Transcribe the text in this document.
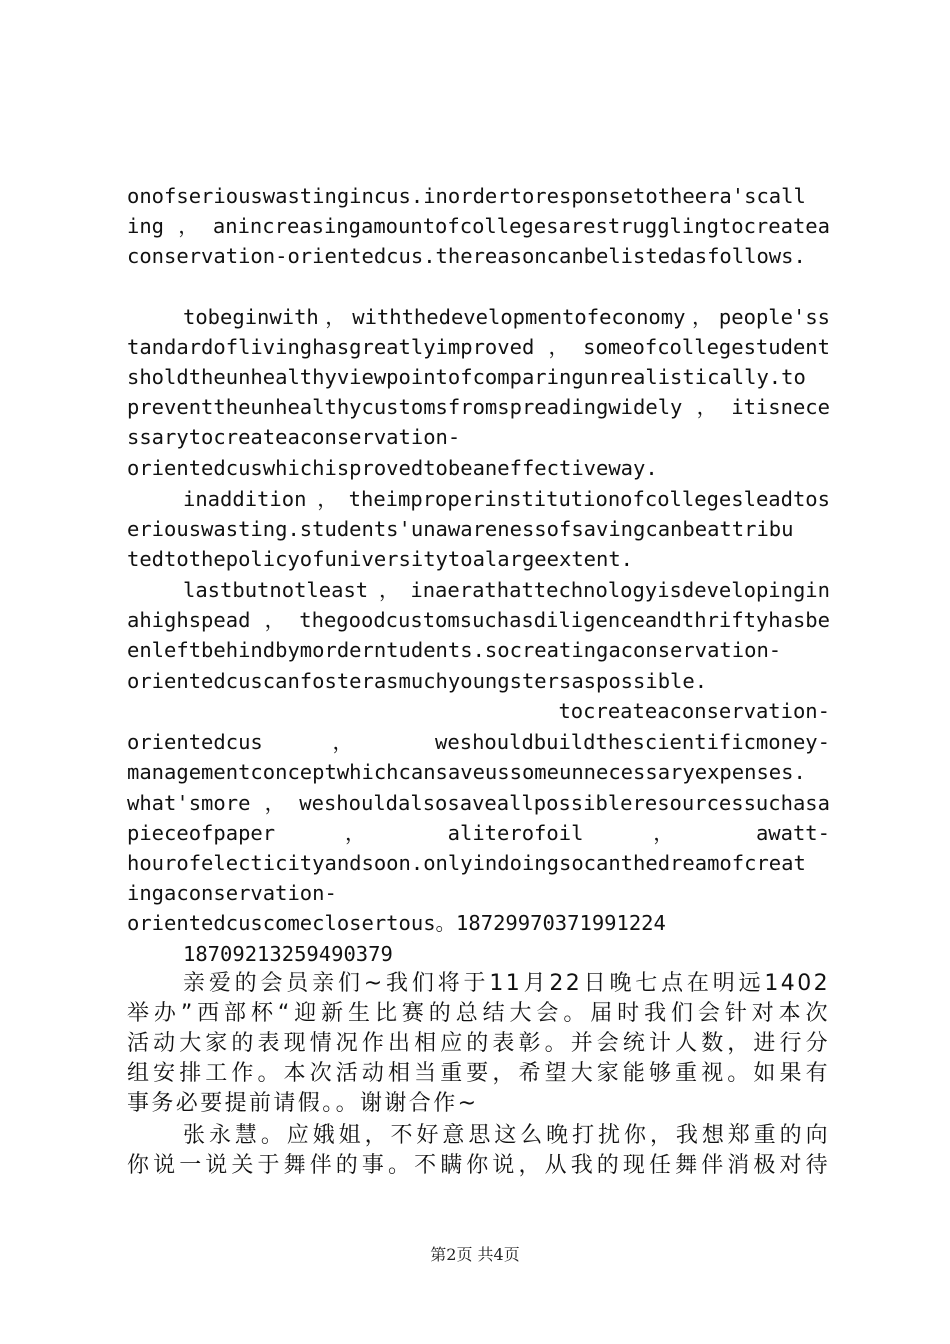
onofseriouswastingincus.inordertoresponsetotheera'scall
ing，anincreasingamountofcollegesarestrugglingtocreatea
conservation-orientedcus.thereasoncanbelistedasfollows.
tobeginwith，withthedevelopmentofeconomy，people'ss
tandardoflivinghasgreatlyimproved，someofcollegestudent
sholdtheunhealthyviewpointofcomparingunrealistically.to
preventtheunhealthycustomsfromspreadingwidely，itisnece
ssarytocreateaconservation-
orientedcuswhichisprovedtobeaneffectiveway.
inaddition，theimproperinstitutionofcollegesleadtos
eriouswasting.students'unawarenessofsavingcanbeattribu
tedtothepolicyofuniversitytoalargeextent.
lastbutnotleast，inaerathattechnologyisdevelopingin
ahighspead，thegoodcustomsuchasdiligenceandthriftyhasbe
enleftbehindbymorderntudents.socreatingaconservation-
orientedcuscanfosterasmuchyoungstersaspossible.
tocreateaconservation-
orientedcus　　　，　　　　weshouldbuildthescientificmoney-
managementconceptwhichcansaveussomeunnecessaryexpenses.
what'smore，weshouldalsosaveallpossibleresourcessuchasa
pieceofpaper　　　，　　　　aliterofoil　　　，　　　　awatt-
hourofelecticityandsoon.onlyindoingsocanthedreamofcreat
ingaconservation-
orientedcuscomeclosertous。18729970371991224
18709213259490379
亲爱的会员亲们~我们将于11月22日晚七点在明远1402
举办”西部杯“迎新生比赛的总结大会。届时我们会针对本次
活动大家的表现情况作出相应的表彰。并会统计人数，进行分
组安排工作。本次活动相当重要，希望大家能够重视。如果有
事务必要提前请假。。谢谢合作~
张永慧。应娥姐，不好意思这么晚打扰你，我想郑重的向
你说一说关于舞伴的事。不瞒你说，从我的现任舞伴消极对待
第2页 共4页
